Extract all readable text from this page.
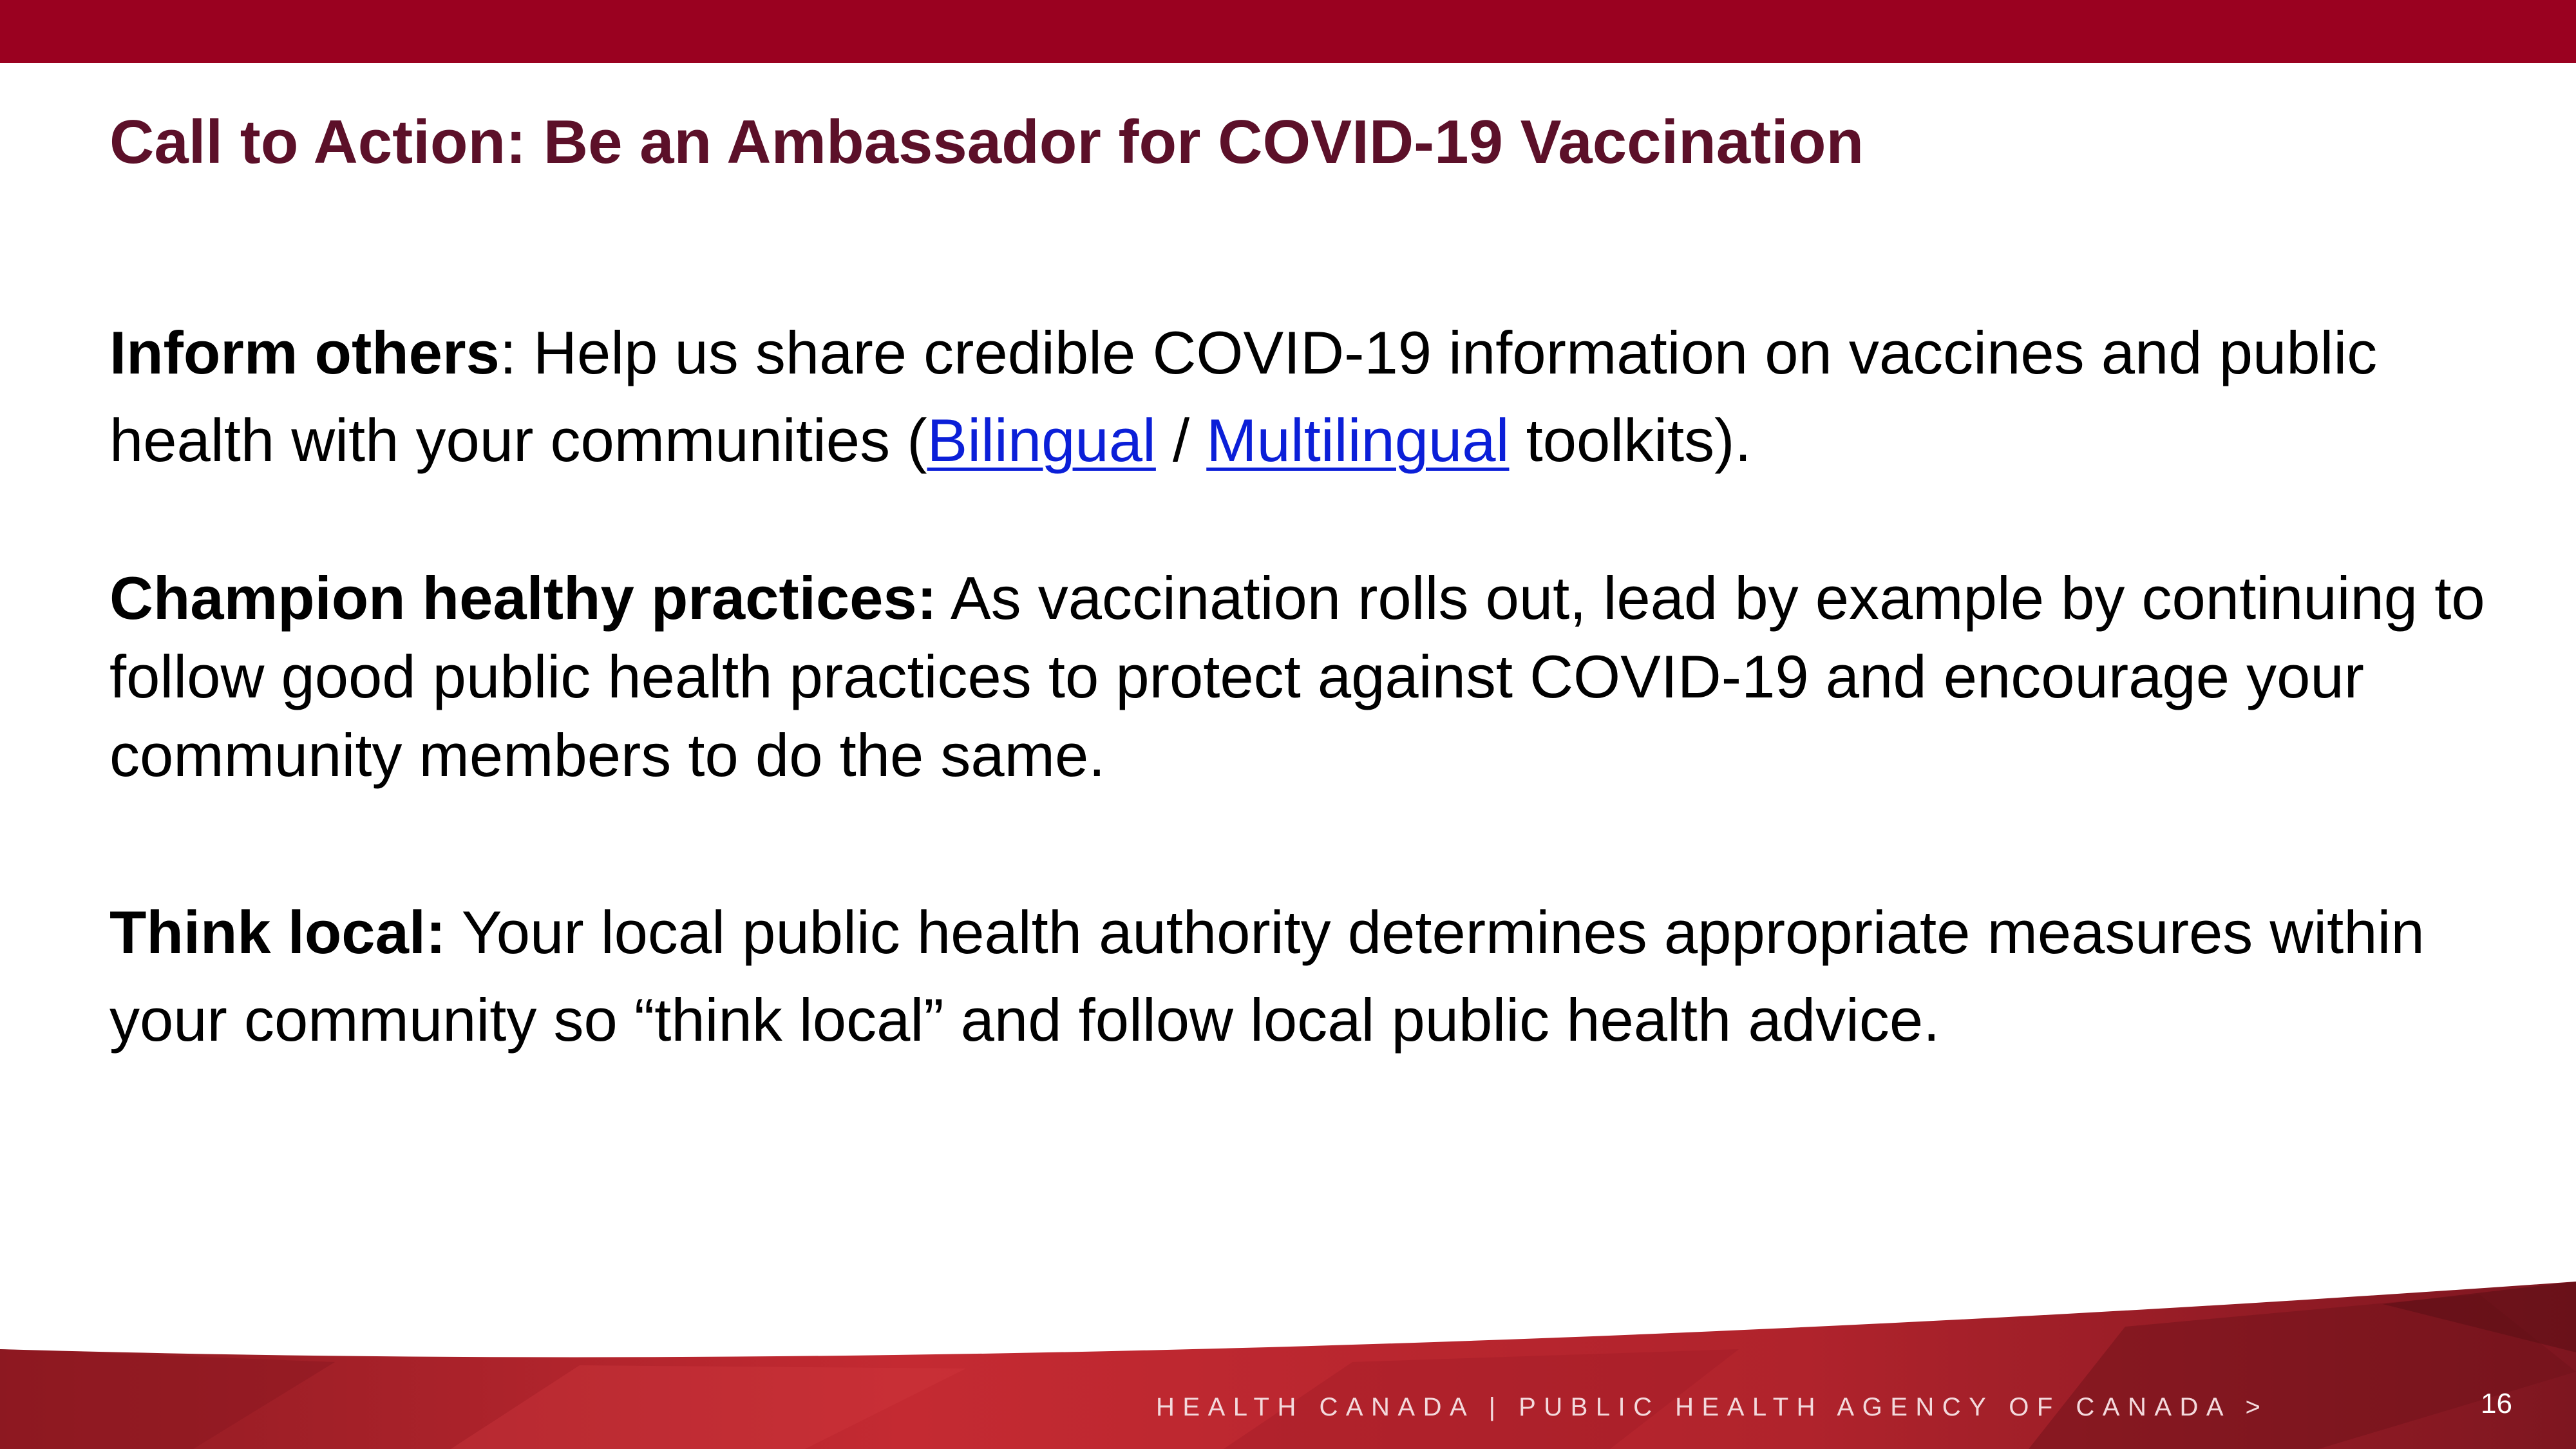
Call to Action: Be an Ambassador for COVID-19 Vaccination

Inform others: Help us share credible COVID-19 information on vaccines and public health with your communities (Bilingual / Multilingual toolkits).

Champion healthy practices: As vaccination rolls out, lead by example by continuing to follow good public health practices to protect against COVID-19 and encourage your community members to do the same.

Think local: Your local public health authority determines appropriate measures within your community so “think local” and follow local public health advice.

HEALTH CANADA | PUBLIC HEALTH AGENCY OF CANADA >	16
